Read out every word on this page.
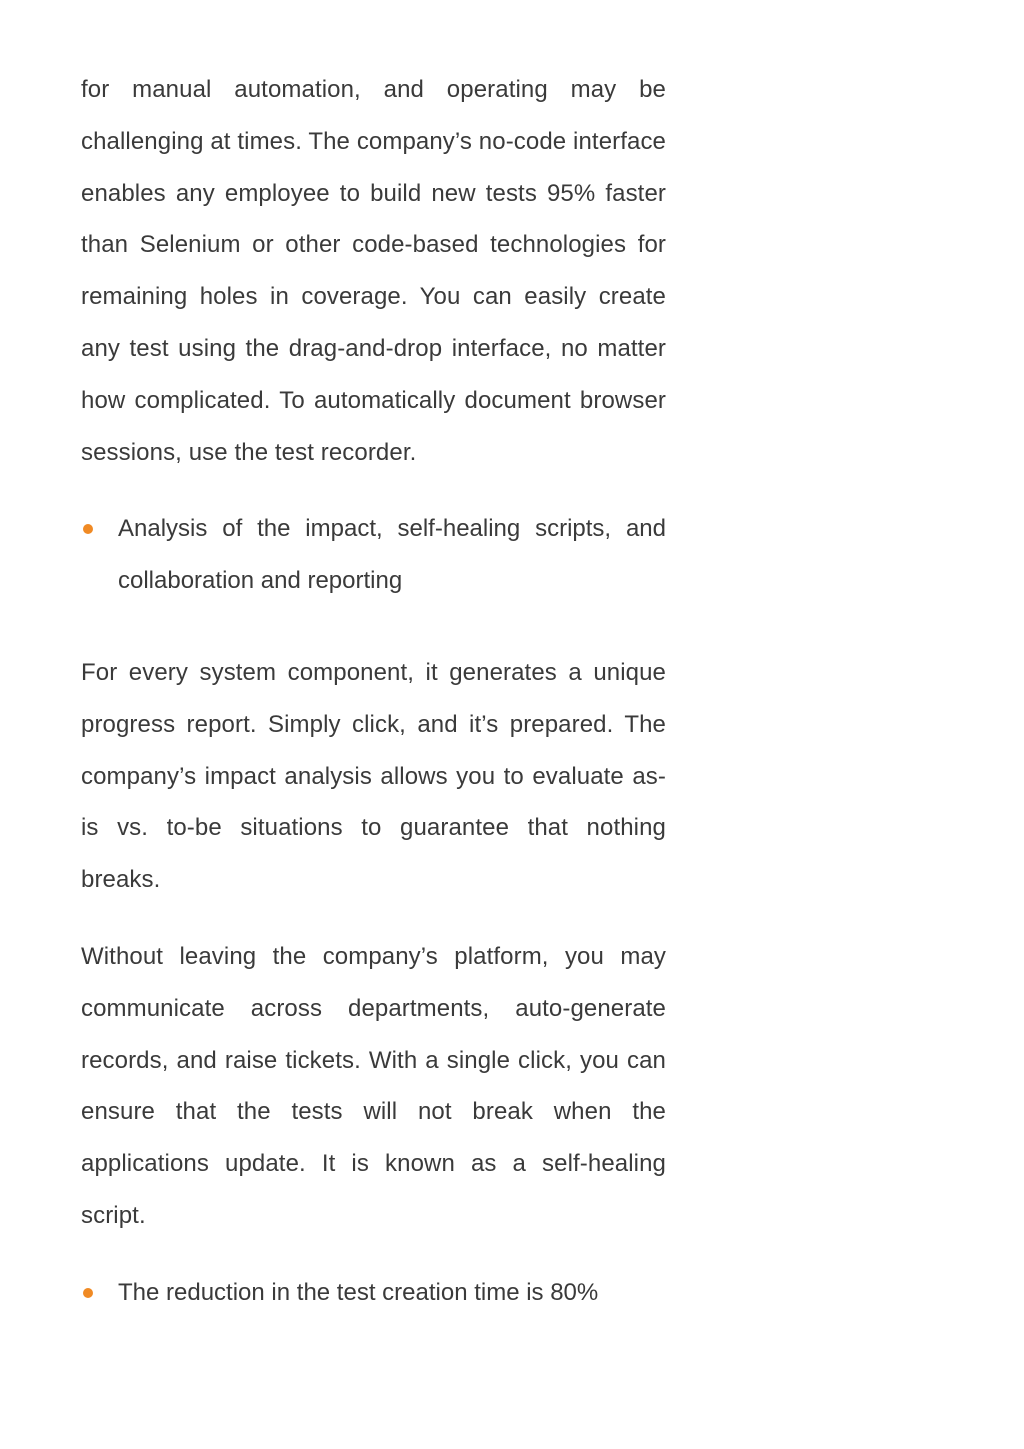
for manual automation, and operating may be challenging at times. The company’s no-code interface enables any employee to build new tests 95% faster than Selenium or other code-based technologies for remaining holes in coverage. You can easily create any test using the drag-and-drop interface, no matter how complicated. To automatically document browser sessions, use the test recorder.

Analysis of the impact, self-healing scripts, and collaboration and reporting

For every system component, it generates a unique progress report. Simply click, and it’s prepared. The company’s impact analysis allows you to evaluate as-is vs. to-be situations to guarantee that nothing breaks.

Without leaving the company’s platform, you may communicate across departments, auto-generate records, and raise tickets. With a single click, you can ensure that the tests will not break when the applications update. It is known as a self-healing script.

The reduction in the test creation time is 80%
